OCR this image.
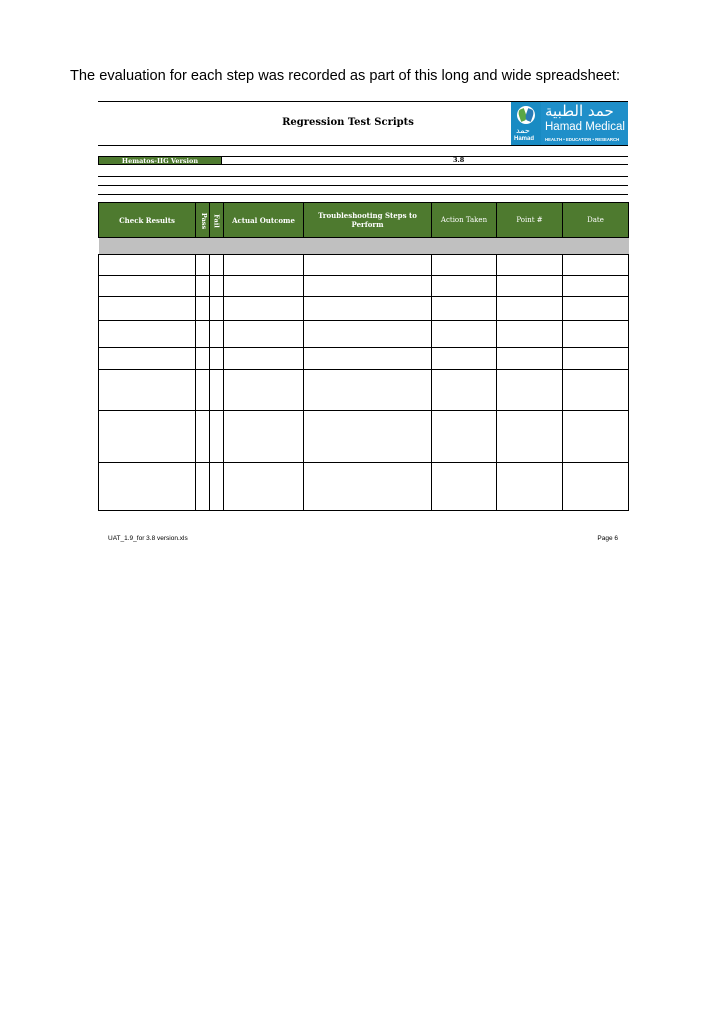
The evaluation for each step was recorded as part of this long and wide spreadsheet:
Regression Test Scripts
حمد
Hamad
حمد الطبية
Hamad Medical
HEALTH • EDUCATION • RESEARCH
Hematos-IIG Version	3.8
Check Results	Pass	Fail	Actual Outcome	Troubleshooting Steps to Perform	Action Taken	Point #	Date

UAT_1.9_for 3.8 version.xls	Page 6
